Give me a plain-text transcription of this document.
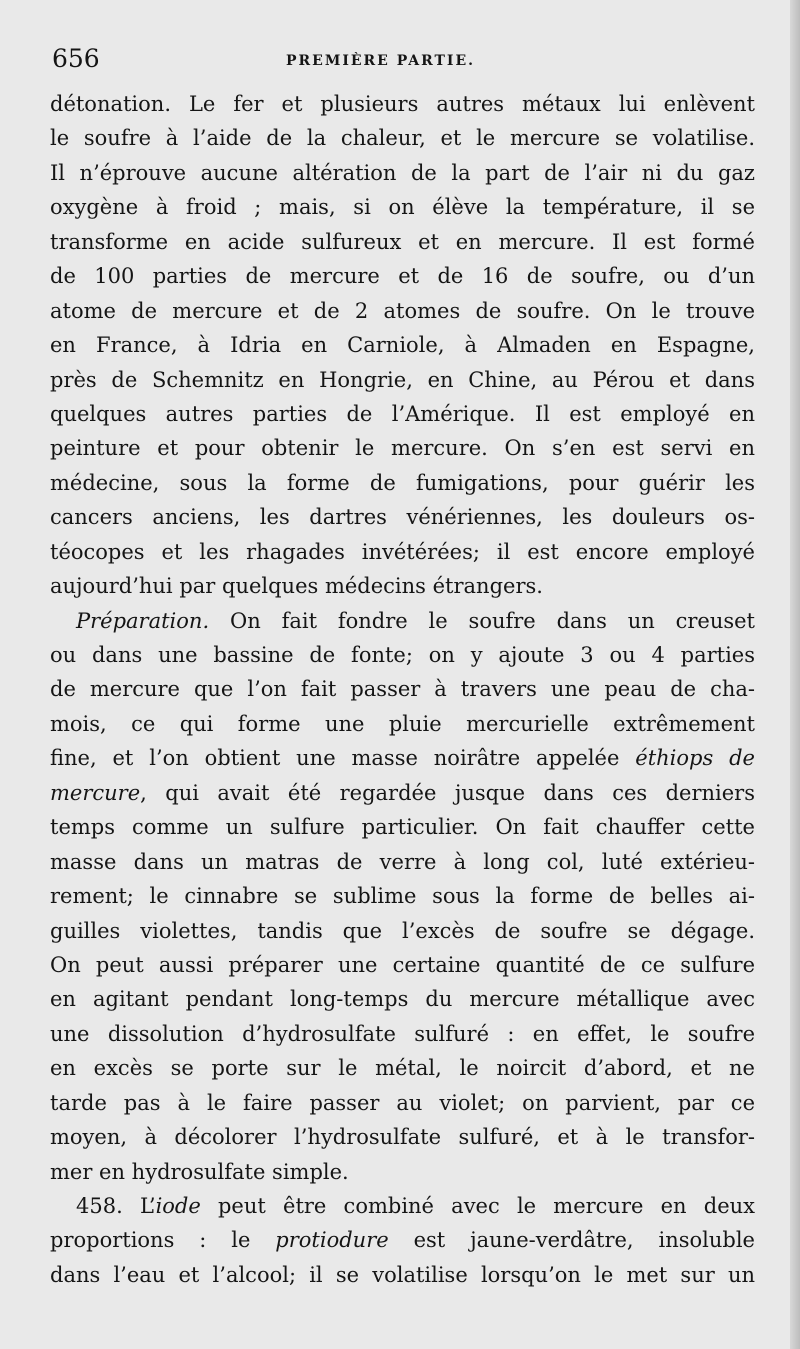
656	PREMIÈRE PARTIE.
détonation. Le fer et plusieurs autres métaux lui enlèvent
le soufre à l’aide de la chaleur, et le mercure se volatilise.
Il n’éprouve aucune altération de la part de l’air ni du gaz
oxygène à froid ; mais, si on élève la température, il se
transforme en acide sulfureux et en mercure. Il est formé
de 100 parties de mercure et de 16 de soufre, ou d’un
atome de mercure et de 2 atomes de soufre. On le trouve
en France, à Idria en Carniole, à Almaden en Espagne,
près de Schemnitz en Hongrie, en Chine, au Pérou et dans
quelques autres parties de l’Amérique. Il est employé en
peinture et pour obtenir le mercure. On s’en est servi en
médecine, sous la forme de fumigations, pour guérir les
cancers anciens, les dartres vénériennes, les douleurs os-
téocopes et les rhagades invétérées; il est encore employé
aujourd’hui par quelques médecins étrangers.
Préparation. On fait fondre le soufre dans un creuset
ou dans une bassine de fonte; on y ajoute 3 ou 4 parties
de mercure que l’on fait passer à travers une peau de cha-
mois, ce qui forme une pluie mercurielle extrêmement
fine, et l’on obtient une masse noirâtre appelée éthiops de
mercure, qui avait été regardée jusque dans ces derniers
temps comme un sulfure particulier. On fait chauffer cette
masse dans un matras de verre à long col, luté extérieu-
rement; le cinnabre se sublime sous la forme de belles ai-
guilles violettes, tandis que l’excès de soufre se dégage.
On peut aussi préparer une certaine quantité de ce sulfure
en agitant pendant long-temps du mercure métallique avec
une dissolution d’hydrosulfate sulfuré : en effet, le soufre
en excès se porte sur le métal, le noircit d’abord, et ne
tarde pas à le faire passer au violet; on parvient, par ce
moyen, à décolorer l’hydrosulfate sulfuré, et à le transfor-
mer en hydrosulfate simple.
458. L’iode peut être combiné avec le mercure en deux
proportions : le protiodure est jaune-verdâtre, insoluble
dans l’eau et l’alcool; il se volatilise lorsqu’on le met sur un
